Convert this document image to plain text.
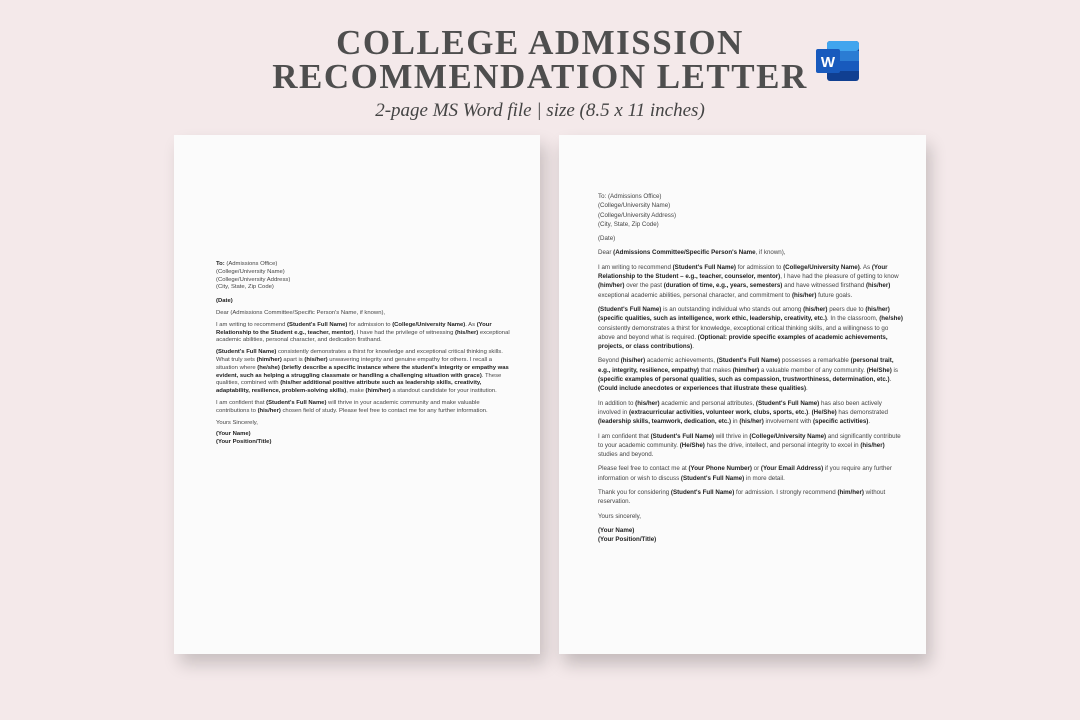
COLLEGE ADMISSION
RECOMMENDATION LETTER
2-page MS Word file | size (8.5 x 11 inches)
W
To: (Admissions Office)
(College/University Name)
(College/University Address)
(City, State, Zip Code)

(Date)

Dear (Admissions Committee/Specific Person's Name, if known),

I am writing to recommend (Student's Full Name) for admission to (College/University Name). As (Your Relationship to the Student e.g., teacher, mentor), I have had the privilege of witnessing (his/her) exceptional academic abilities, personal character, and dedication firsthand.

(Student's Full Name) consistently demonstrates a thirst for knowledge and exceptional critical thinking skills. What truly sets (him/her) apart is (his/her) unwavering integrity and genuine empathy for others. I recall a situation where (he/she) (briefly describe a specific instance where the student's integrity or empathy was evident, such as helping a struggling classmate or handling a challenging situation with grace). These qualities, combined with (his/her additional positive attribute such as leadership skills, creativity, adaptability, resilience, problem-solving skills), make (him/her) a standout candidate for your institution.

I am confident that (Student's Full Name) will thrive in your academic community and make valuable contributions to (his/her) chosen field of study. Please feel free to contact me for any further information.

Yours Sincerely,

(Your Name)
(Your Position/Title)
To: (Admissions Office)
(College/University Name)
(College/University Address)
(City, State, Zip Code)

(Date)

Dear (Admissions Committee/Specific Person's Name, if known),

I am writing to recommend (Student's Full Name) for admission to (College/University Name). As (Your Relationship to the Student – e.g., teacher, counselor, mentor), I have had the pleasure of getting to know (him/her) over the past (duration of time, e.g., years, semesters) and have witnessed firsthand (his/her) exceptional academic abilities, personal character, and commitment to (his/her) future goals.

(Student's Full Name) is an outstanding individual who stands out among (his/her) peers due to (his/her) (specific qualities, such as intelligence, work ethic, leadership, creativity, etc.). In the classroom, (he/she) consistently demonstrates a thirst for knowledge, exceptional critical thinking skills, and a willingness to go above and beyond what is required. (Optional: provide specific examples of academic achievements, projects, or class contributions).

Beyond (his/her) academic achievements, (Student's Full Name) possesses a remarkable (personal trait, e.g., integrity, resilience, empathy) that makes (him/her) a valuable member of any community. (He/She) is (specific examples of personal qualities, such as compassion, trustworthiness, determination, etc.). (Could include anecdotes or experiences that illustrate these qualities).

In addition to (his/her) academic and personal attributes, (Student's Full Name) has also been actively involved in (extracurricular activities, volunteer work, clubs, sports, etc.). (He/She) has demonstrated (leadership skills, teamwork, dedication, etc.) in (his/her) involvement with (specific activities).

I am confident that (Student's Full Name) will thrive in (College/University Name) and significantly contribute to your academic community. (He/She) has the drive, intellect, and personal integrity to excel in (his/her) studies and beyond.

Please feel free to contact me at (Your Phone Number) or (Your Email Address) if you require any further information or wish to discuss (Student's Full Name) in more detail.

Thank you for considering (Student's Full Name) for admission. I strongly recommend (him/her) without reservation.

Yours sincerely,

(Your Name)
(Your Position/Title)
